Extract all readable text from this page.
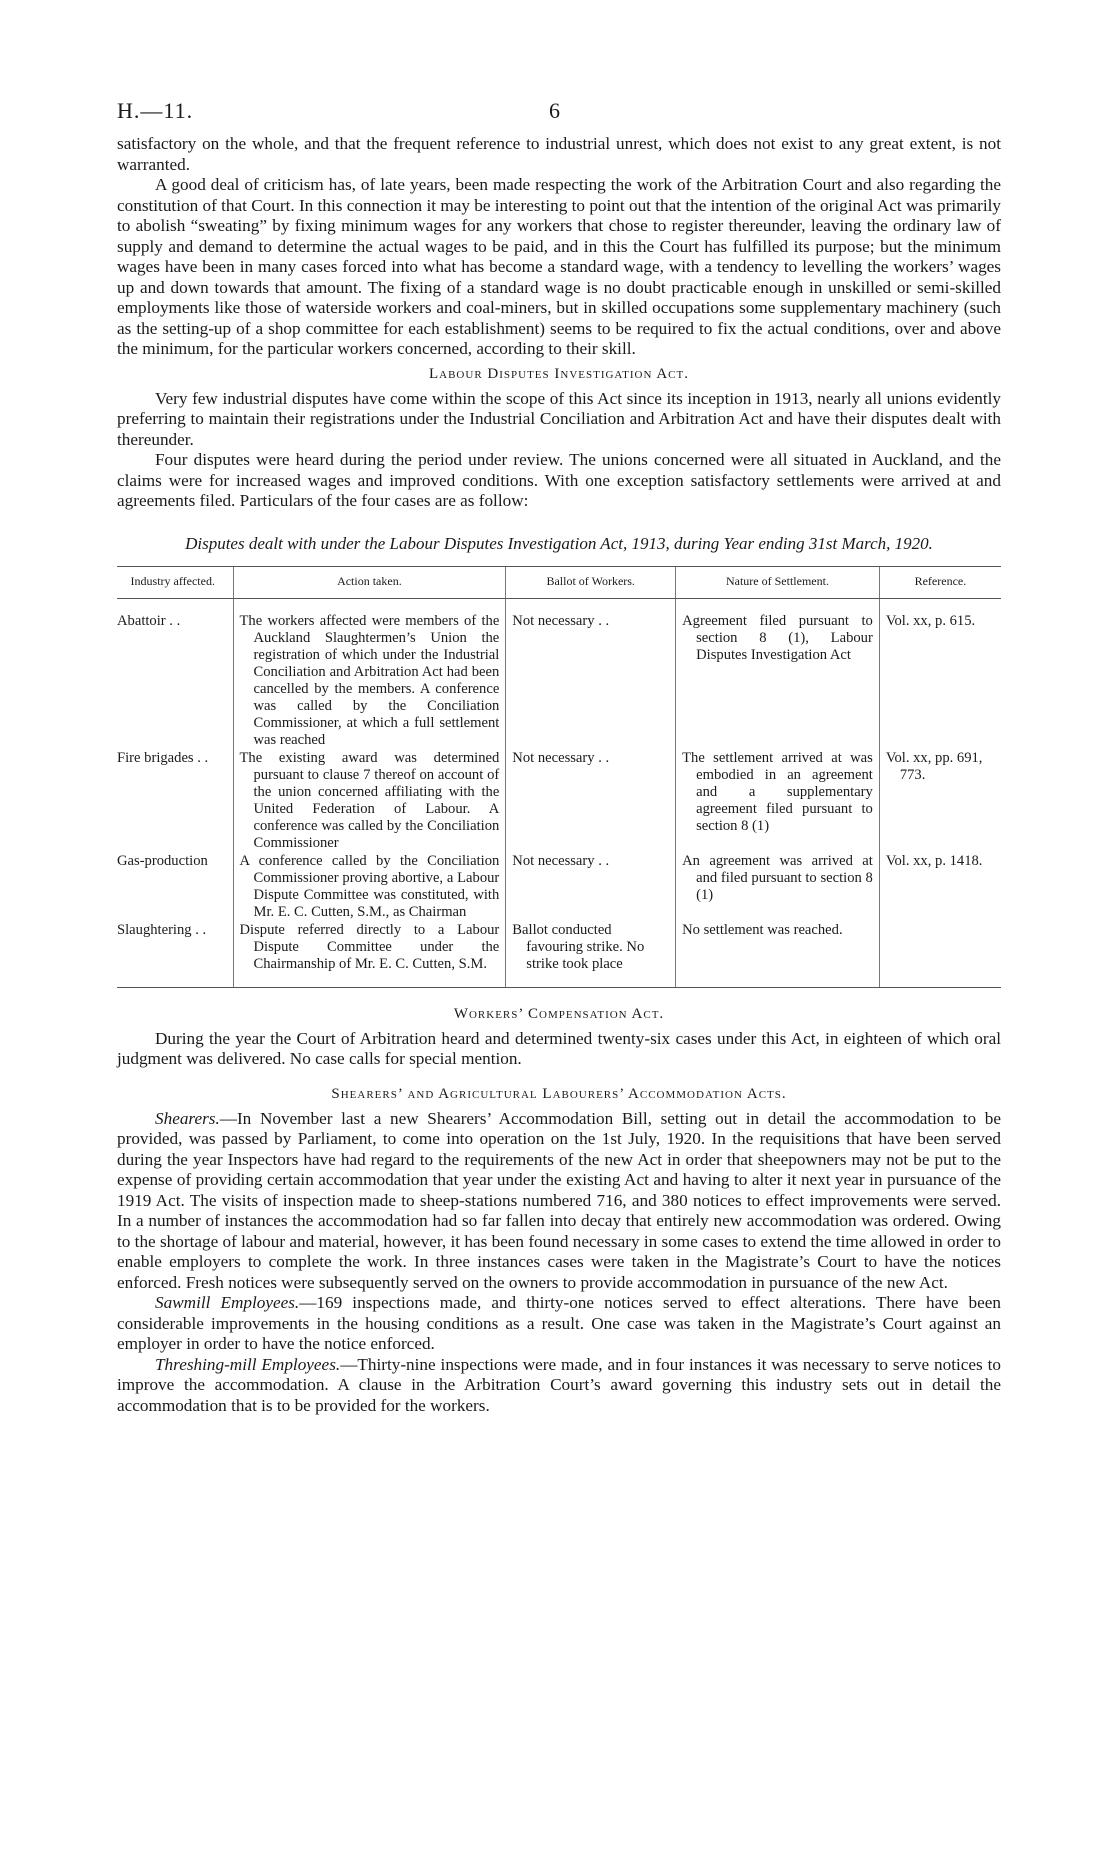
H.—11.	6

satisfactory on the whole, and that the frequent reference to industrial unrest, which does not exist to any great extent, is not warranted.

A good deal of criticism has, of late years, been made respecting the work of the Arbitration Court and also regarding the constitution of that Court. In this connection it may be interesting to point out that the intention of the original Act was primarily to abolish “sweating” by fixing minimum wages for any workers that chose to register thereunder, leaving the ordinary law of supply and demand to determine the actual wages to be paid, and in this the Court has fulfilled its purpose; but the minimum wages have been in many cases forced into what has become a standard wage, with a tendency to levelling the workers’ wages up and down towards that amount. The fixing of a standard wage is no doubt practicable enough in unskilled or semi-skilled employments like those of waterside workers and coal-miners, but in skilled occupations some supplementary machinery (such as the setting-up of a shop committee for each establishment) seems to be required to fix the actual conditions, over and above the minimum, for the particular workers concerned, according to their skill.

Labour Disputes Investigation Act.

Very few industrial disputes have come within the scope of this Act since its inception in 1913, nearly all unions evidently preferring to maintain their registrations under the Industrial Conciliation and Arbitration Act and have their disputes dealt with thereunder.

Four disputes were heard during the period under review. The unions concerned were all situated in Auckland, and the claims were for increased wages and improved conditions. With one exception satisfactory settlements were arrived at and agreements filed. Particulars of the four cases are as follow:

Disputes dealt with under the Labour Disputes Investigation Act, 1913, during Year ending 31st March, 1920.
Industry affected.	Action taken.	Ballot of Workers.	Nature of Settlement.	Reference.
Abattoir . .	The workers affected were members of the Auckland Slaughtermen’s Union the registration of which under the Industrial Conciliation and Arbitration Act had been cancelled by the members. A conference was called by the Conciliation Commissioner, at which a full settlement was reached	Not necessary . .	Agreement filed pursuant to section 8 (1), Labour Disputes Investigation Act	Vol. xx, p. 615.
Fire brigades . .	The existing award was determined pursuant to clause 7 thereof on account of the union concerned affiliating with the United Federation of Labour. A conference was called by the Conciliation Commissioner	Not necessary . .	The settlement arrived at was embodied in an agreement and a supplementary agreement filed pursuant to section 8 (1)	Vol. xx, pp. 691, 773.

Gas-production	A conference called by the Conciliation Commissioner proving abortive, a Labour Dispute Committee was constituted, with Mr. E. C. Cutten, S.M., as Chairman	Not necessary . .	An agreement was arrived at and filed pursuant to section 8 (1)	Vol. xx, p. 1418.
Slaughtering . .	Dispute referred directly to a Labour Dispute Committee under the Chairmanship of Mr. E. C. Cutten, S.M.	Ballot conducted favouring strike. No strike took place	No settlement was reached.	

Workers’ Compensation Act.

During the year the Court of Arbitration heard and determined twenty-six cases under this Act, in eighteen of which oral judgment was delivered. No case calls for special mention.

Shearers’ and Agricultural Labourers’ Accommodation Acts.

Shearers.—In November last a new Shearers’ Accommodation Bill, setting out in detail the accommodation to be provided, was passed by Parliament, to come into operation on the 1st July, 1920. In the requisitions that have been served during the year Inspectors have had regard to the requirements of the new Act in order that sheepowners may not be put to the expense of providing certain accommodation that year under the existing Act and having to alter it next year in pursuance of the 1919 Act. The visits of inspection made to sheep-stations numbered 716, and 380 notices to effect improvements were served. In a number of instances the accommodation had so far fallen into decay that entirely new accommodation was ordered. Owing to the shortage of labour and material, however, it has been found necessary in some cases to extend the time allowed in order to enable employers to complete the work. In three instances cases were taken in the Magistrate’s Court to have the notices enforced. Fresh notices were subsequently served on the owners to provide accommodation in pursuance of the new Act.

Sawmill Employees.—169 inspections made, and thirty-one notices served to effect alterations. There have been considerable improvements in the housing conditions as a result. One case was taken in the Magistrate’s Court against an employer in order to have the notice enforced.

Threshing-mill Employees.—Thirty-nine inspections were made, and in four instances it was necessary to serve notices to improve the accommodation. A clause in the Arbitration Court’s award governing this industry sets out in detail the accommodation that is to be provided for the workers.
